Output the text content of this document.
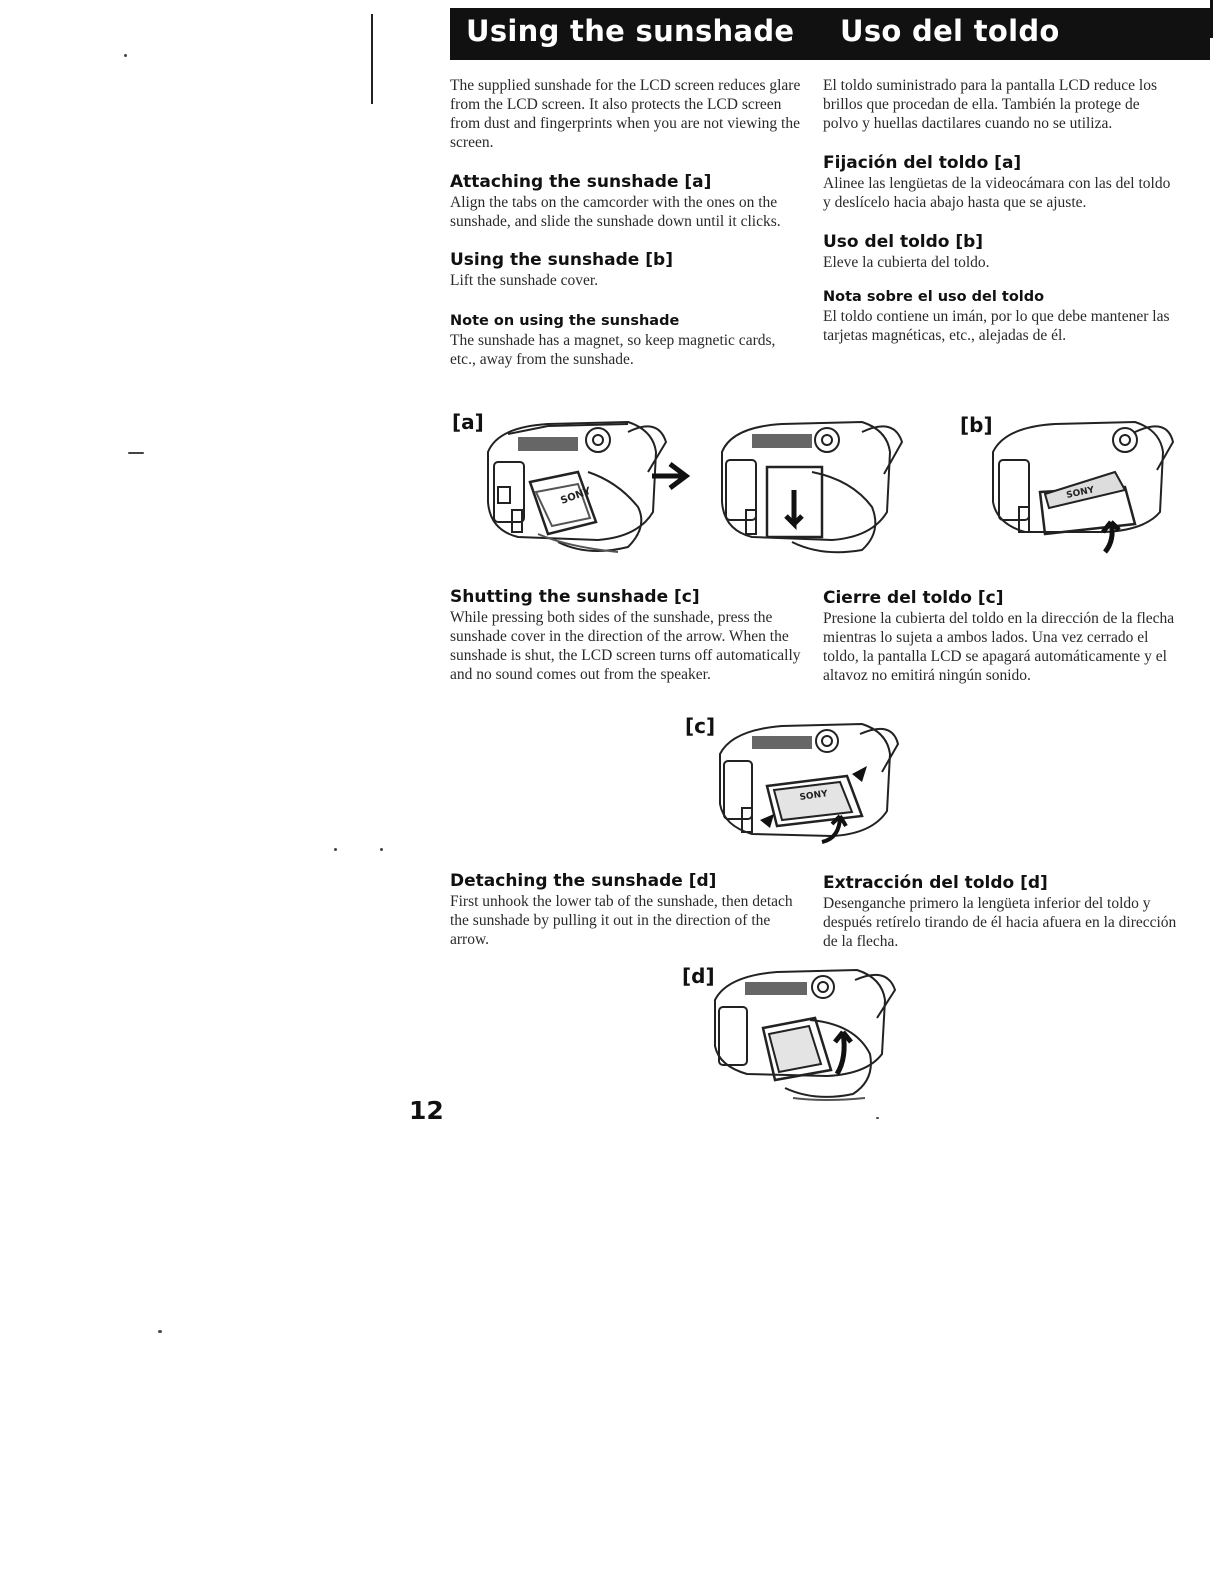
Using the sunshade Uso del toldo

The supplied sunshade for the LCD screen reduces glare from the LCD screen. It also protects the LCD screen from dust and fingerprints when you are not viewing the screen.

Attaching the sunshade [a]

Align the tabs on the camcorder with the ones on the sunshade, and slide the sunshade down until it clicks.

Using the sunshade [b]

Lift the sunshade cover.

Note on using the sunshade

The sunshade has a magnet, so keep magnetic cards, etc., away from the sunshade.

El toldo suministrado para la pantalla LCD reduce los brillos que procedan de ella. También la protege de polvo y huellas dactilares cuando no se utiliza.

Fijación del toldo [a]

Alinee las lengüetas de la videocámara con las del toldo y deslícelo hacia abajo hasta que se ajuste.

Uso del toldo [b]

Eleve la cubierta del toldo.

Nota sobre el uso del toldo

El toldo contiene un imán, por lo que debe mantener las tarjetas magnéticas, etc., alejadas de él.

[a]	[b]
SONY	SONY
Shutting the sunshade [c]

While pressing both sides of the sunshade, press the sunshade cover in the direction of the arrow. When the sunshade is shut, the LCD screen turns off automatically and no sound comes out from the speaker.

Cierre del toldo [c]

Presione la cubierta del toldo en la dirección de la flecha mientras lo sujeta a ambos lados. Una vez cerrado el toldo, la pantalla LCD se apagará automáticamente y el altavoz no emitirá ningún sonido.

[c]
SONY
Detaching the sunshade [d]

First unhook the lower tab of the sunshade, then detach the sunshade by pulling it out in the direction of the arrow.

Extracción del toldo [d]

Desenganche primero la lengüeta inferior del toldo y después retírelo tirando de él hacia afuera en la dirección de la flecha.

[d]
12
